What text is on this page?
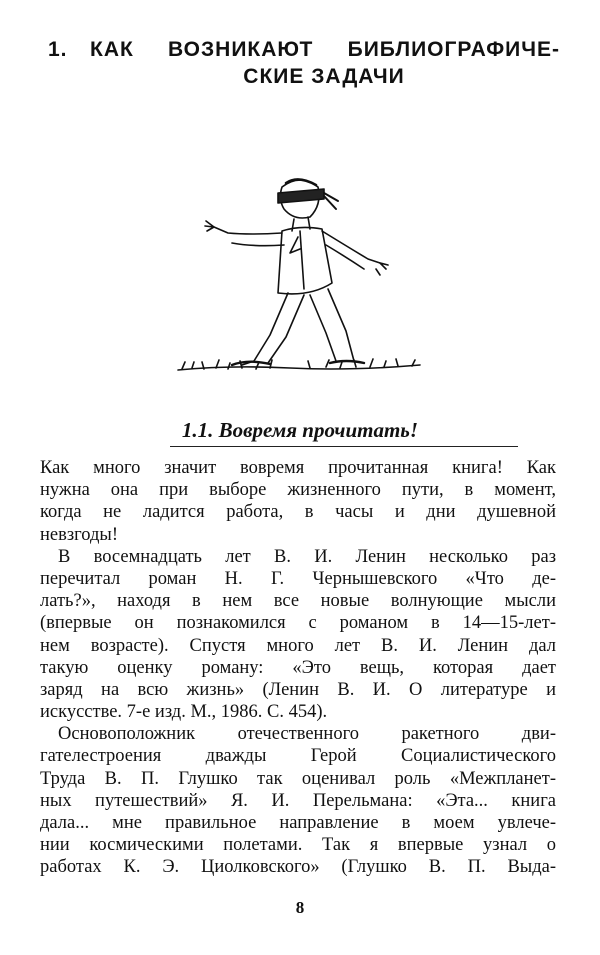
1. КАК ВОЗНИКАЮТ БИБЛИОГРАФИЧЕ-
СКИЕ ЗАДАЧИ
1.1. Вовремя прочитать!
Как много значит вовремя прочитанная книга! Как
нужна она при выборе жизненного пути, в момент,
когда не ладится работа, в часы и дни душевной
невзгоды!
В восемнадцать лет В. И. Ленин несколько раз
перечитал роман Н. Г. Чернышевского «Что де-
лать?», находя в нем все новые волнующие мысли
(впервые он познакомился с романом в 14—15-лет-
нем возрасте). Спустя много лет В. И. Ленин дал
такую оценку роману: «Это вещь, которая дает
заряд на всю жизнь» (Ленин В. И. О литературе и
искусстве. 7-е изд. М., 1986. С. 454).
Основоположник отечественного ракетного дви-
гателестроения дважды Герой Социалистического
Труда В. П. Глушко так оценивал роль «Межпланет-
ных путешествий» Я. И. Перельмана: «Эта... книга
дала... мне правильное направление в моем увлече-
нии космическими полетами. Так я впервые узнал о
работах К. Э. Циолковского» (Глушко В. П. Выда-
8
